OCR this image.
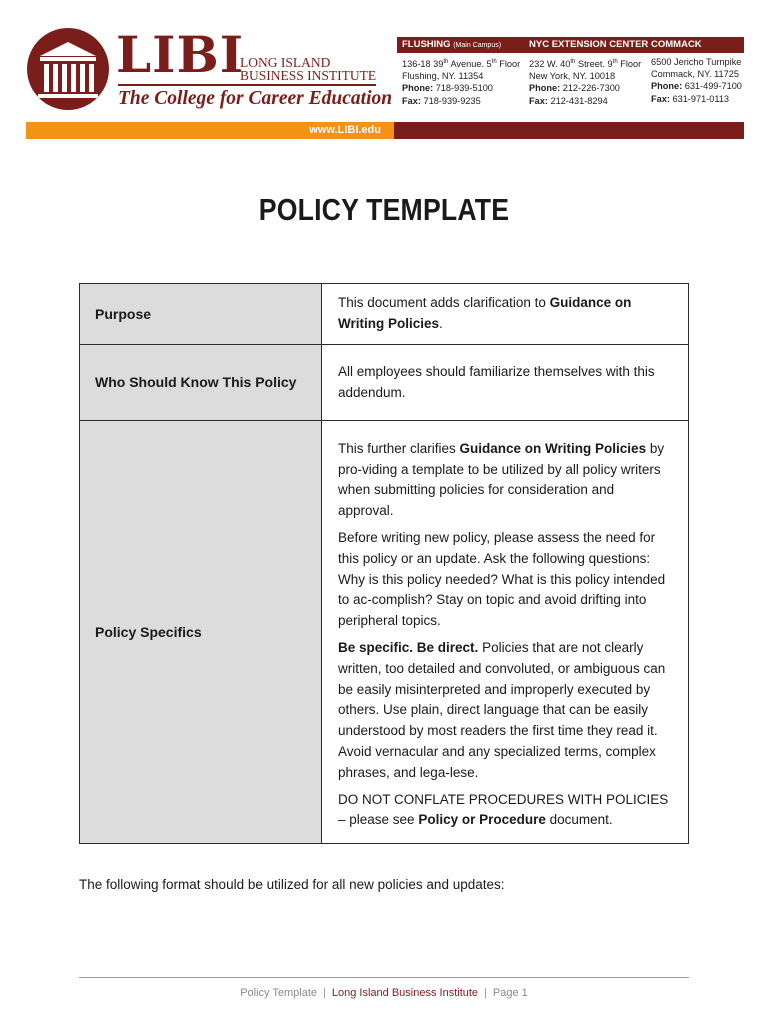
LIBI
LONG ISLAND
BUSINESS INSTITUTE

The College for Career Education

FLUSHING (Main Campus)	NYC EXTENSION CENTER COMMACK
136-18 39th Avenue. 5th Floor
Flushing, NY. 11354
Phone: 718-939-5100
Fax: 718-939-9235
232 W. 40th Street. 9th Floor
New York, NY. 10018
Phone: 212-226-7300
Fax: 212-431-8294
6500 Jericho Turnpike
Commack, NY. 11725
Phone: 631-499-7100
Fax: 631-971-0113

www.LIBI.edu

POLICY TEMPLATE
Purpose	This document adds clarification to Guidance on Writing Policies.
Who Should Know This Policy	All employees should familiarize themselves with this addendum.
Policy Specifics	This further clarifies Guidance on Writing Policies by pro-viding a template to be utilized by all policy writers when submitting policies for consideration and approval.

Before writing new policy, please assess the need for this policy or an update. Ask the following questions: Why is this policy needed? What is this policy intended to ac-complish? Stay on topic and avoid drifting into peripheral topics.

Be specific. Be direct. Policies that are not clearly written, too detailed and convoluted, or ambiguous can be easily misinterpreted and improperly executed by others. Use plain, direct language that can be easily understood by most readers the first time they read it. Avoid vernacular and any specialized terms, complex phrases, and lega-lese.

DO NOT CONFLATE PROCEDURES WITH POLICIES – please see Policy or Procedure document.

The following format should be utilized for all new policies and updates:

Policy Template | Long Island Business Institute | Page 1
